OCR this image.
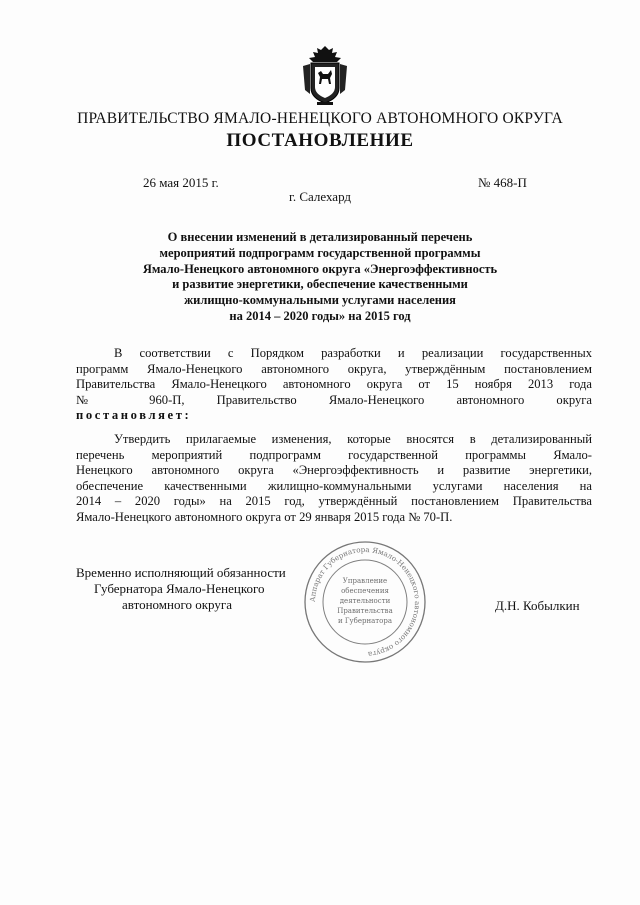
ПРАВИТЕЛЬСТВО ЯМАЛО-НЕНЕЦКОГО АВТОНОМНОГО ОКРУГА
ПОСТАНОВЛЕНИЕ
26 мая 2015 г.	№ 468-П
г. Салехард
О внесении изменений в детализированный перечень
мероприятий подпрограмм государственной программы
Ямало-Ненецкого автономного округа «Энергоэффективность
и развитие энергетики, обеспечение качественными
жилищно-коммунальными услугами населения
на 2014 – 2020 годы» на 2015 год
В соответствии с Порядком разработки и реализации государственных
программ Ямало-Ненецкого автономного округа, утверждённым постановлением
Правительства Ямало-Ненецкого автономного округа от 15 ноября 2013 года
№ 960-П, Правительство Ямало-Ненецкого автономного округа
постановляет:
Утвердить прилагаемые изменения, которые вносятся в детализированный
перечень мероприятий подпрограмм государственной программы Ямало-
Ненецкого автономного округа «Энергоэффективность и развитие энергетики,
обеспечение качественными жилищно-коммунальными услугами населения на
2014 – 2020 годы» на 2015 год, утверждённый постановлением Правительства
Ямало-Ненецкого автономного округа от 29 января 2015 года № 70-П.
Временно исполняющий обязанности
Губернатора Ямало-Ненецкого
автономного округа	Д.Н. Кобылкин
Аппарат Губернатора Ямало-Ненецкого автономного округа
Управление
обеспечения
деятельности
Правительства
и Губернатора
